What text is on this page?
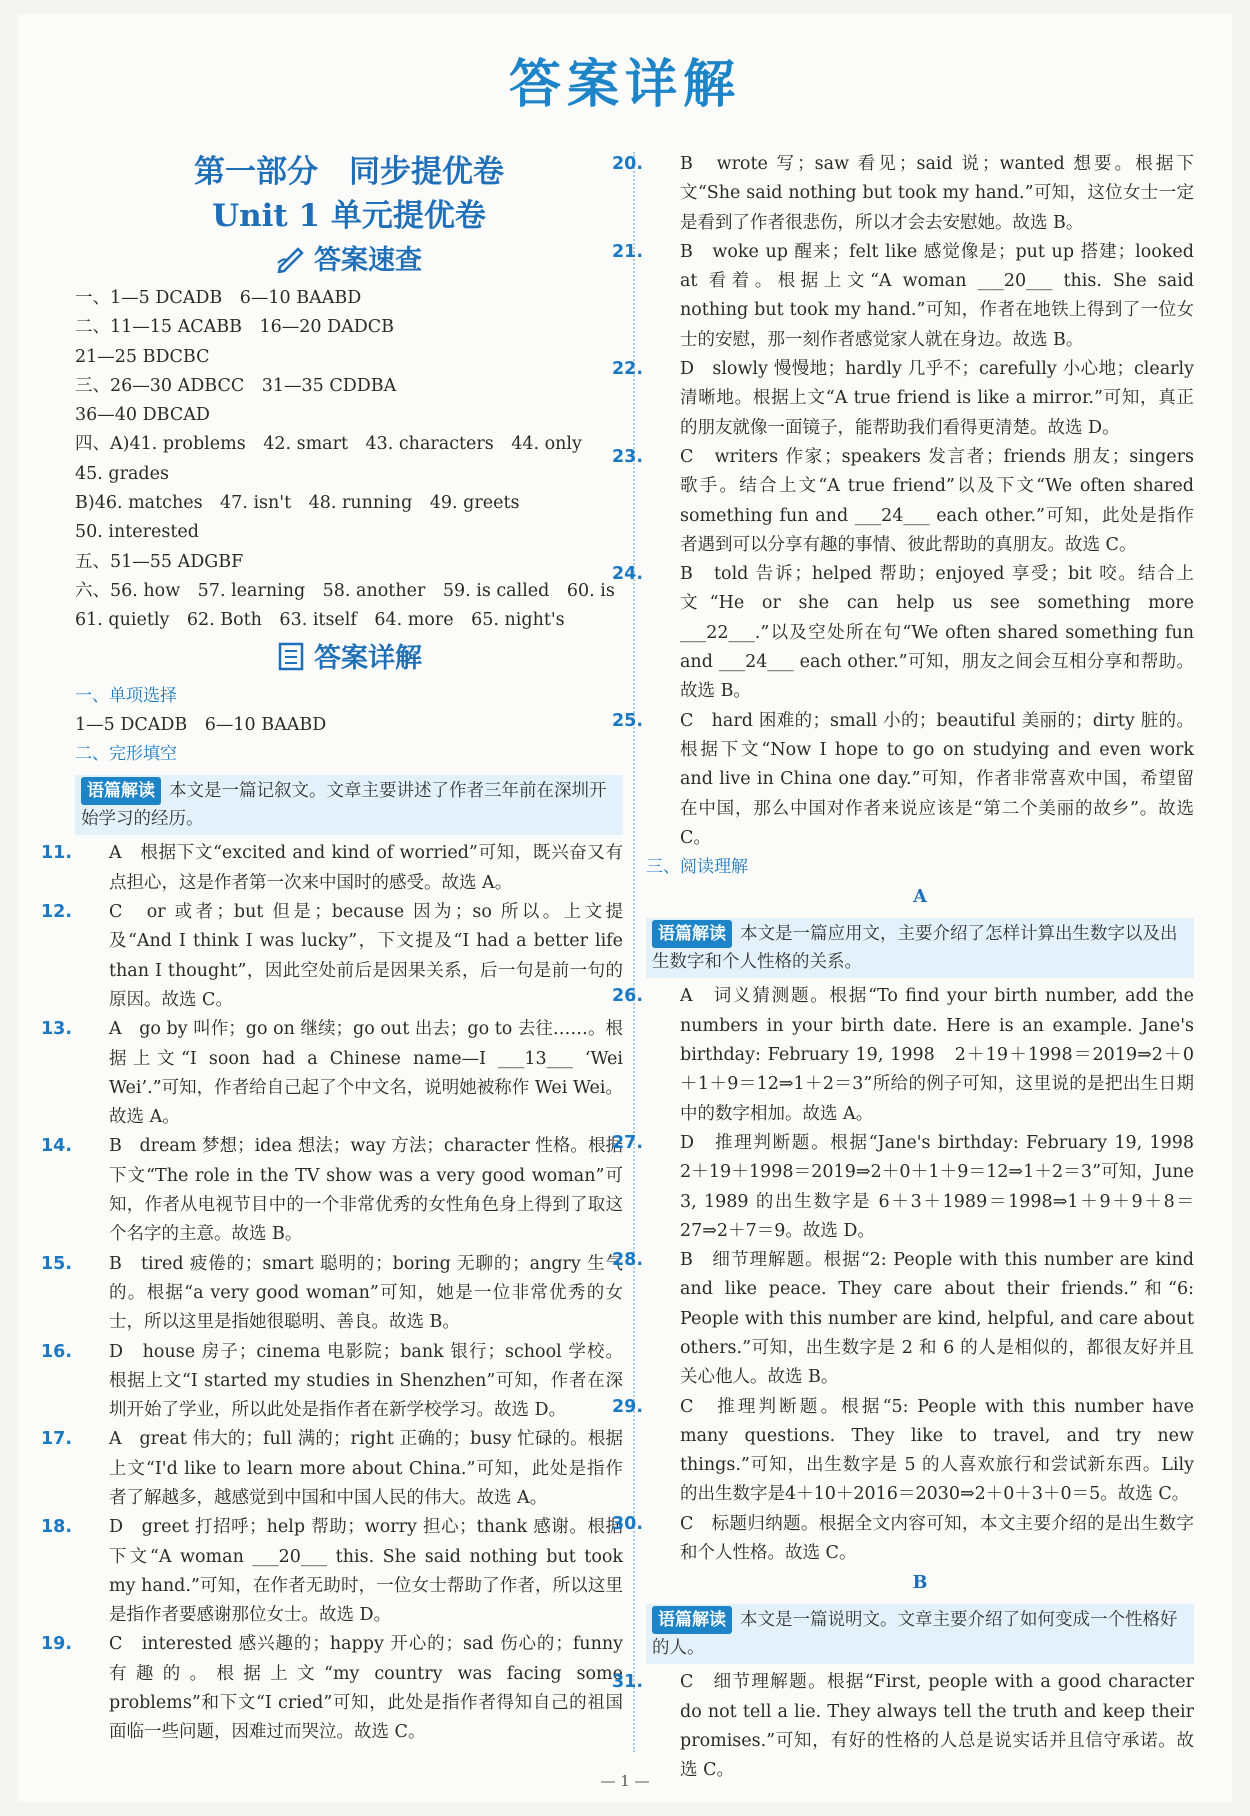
答案详解
第一部分　同步提优卷
Unit 1 单元提优卷
答案速查
一、1—5 DCADB　6—10 BAABD
二、11—15 ACABB　16—20 DADCB
21—25 BDCBC
三、26—30 ADBCC　31—35 CDDBA
36—40 DBCAD
四、A)41. problems　42. smart　43. characters　44. only
45. grades
B)46. matches　47. isn't　48. running　49. greets
50. interested
五、51—55 ADGBF
六、56. how　57. learning　58. another　59. is called　60. is
61. quietly　62. Both　63. itself　64. more　65. night's
答案详解
一、单项选择
1—5 DCADB　6—10 BAABD
二、完形填空
语篇解读 本文是一篇记叙文。文章主要讲述了作者三年前在深圳开始学习的经历。
11. A　根据下文“excited and kind of worried”可知，既兴奋又有点担心，这是作者第一次来中国时的感受。故选 A。
12. C　or 或者；but 但是；because 因为；so 所以。上文提及“And I think I was lucky”，下文提及“I had a better life than I thought”，因此空处前后是因果关系，后一句是前一句的原因。故选 C。
13. A　go by 叫作；go on 继续；go out 出去；go to 去往……。根据上文“I soon had a Chinese name—I ___13___ ‘Wei Wei’.”可知，作者给自己起了个中文名，说明她被称作 Wei Wei。故选 A。
14. B　dream 梦想；idea 想法；way 方法；character 性格。根据下文“The role in the TV show was a very good woman”可知，作者从电视节目中的一个非常优秀的女性角色身上得到了取这个名字的主意。故选 B。
15. B　tired 疲倦的；smart 聪明的；boring 无聊的；angry 生气的。根据“a very good woman”可知，她是一位非常优秀的女士，所以这里是指她很聪明、善良。故选 B。
16. D　house 房子；cinema 电影院；bank 银行；school 学校。根据上文“I started my studies in Shenzhen”可知，作者在深圳开始了学业，所以此处是指作者在新学校学习。故选 D。
17. A　great 伟大的；full 满的；right 正确的；busy 忙碌的。根据上文“I'd like to learn more about China.”可知，此处是指作者了解越多，越感觉到中国和中国人民的伟大。故选 A。
18. D　greet 打招呼；help 帮助；worry 担心；thank 感谢。根据下文“A woman ___20___ this. She said nothing but took my hand.”可知，在作者无助时，一位女士帮助了作者，所以这里是指作者要感谢那位女士。故选 D。
19. C　interested 感兴趣的；happy 开心的；sad 伤心的；funny 有趣的。根据上文“my country was facing some problems”和下文“I cried”可知，此处是指作者得知自己的祖国面临一些问题，因难过而哭泣。故选 C。
20. B　wrote 写；saw 看见；said 说；wanted 想要。根据下文“She said nothing but took my hand.”可知，这位女士一定是看到了作者很悲伤，所以才会去安慰她。故选 B。
21. B　woke up 醒来；felt like 感觉像是；put up 搭建；looked at 看着。根据上文“A woman ___20___ this. She said nothing but took my hand.”可知，作者在地铁上得到了一位女士的安慰，那一刻作者感觉家人就在身边。故选 B。
22. D　slowly 慢慢地；hardly 几乎不；carefully 小心地；clearly 清晰地。根据上文“A true friend is like a mirror.”可知，真正的朋友就像一面镜子，能帮助我们看得更清楚。故选 D。
23. C　writers 作家；speakers 发言者；friends 朋友；singers 歌手。结合上文“A true friend”以及下文“We often shared something fun and ___24___ each other.”可知，此处是指作者遇到可以分享有趣的事情、彼此帮助的真朋友。故选 C。
24. B　told 告诉；helped 帮助；enjoyed 享受；bit 咬。结合上文“He or she can help us see something more ___22___.”以及空处所在句“We often shared something fun and ___24___ each other.”可知，朋友之间会互相分享和帮助。故选 B。
25. C　hard 困难的；small 小的；beautiful 美丽的；dirty 脏的。根据下文“Now I hope to go on studying and even work and live in China one day.”可知，作者非常喜欢中国，希望留在中国，那么中国对作者来说应该是“第二个美丽的故乡”。故选 C。
三、阅读理解
A
语篇解读 本文是一篇应用文，主要介绍了怎样计算出生数字以及出生数字和个人性格的关系。
26. A　词义猜测题。根据“To find your birth number, add the numbers in your birth date. Here is an example. Jane's birthday: February 19, 1998　2＋19＋1998＝2019⇒2＋0＋1＋9＝12⇒1＋2＝3”所给的例子可知，这里说的是把出生日期中的数字相加。故选 A。
27. D　推理判断题。根据“Jane's birthday: February 19, 1998　2＋19＋1998＝2019⇒2＋0＋1＋9＝12⇒1＋2＝3”可知，June 3, 1989 的出生数字是 6＋3＋1989＝1998⇒1＋9＋9＋8＝27⇒2＋7＝9。故选 D。
28. B　细节理解题。根据“2: People with this number are kind and like peace. They care about their friends.”和“6: People with this number are kind, helpful, and care about others.”可知，出生数字是 2 和 6 的人是相似的，都很友好并且关心他人。故选 B。
29. C　推理判断题。根据“5: People with this number have many questions. They like to travel, and try new things.”可知，出生数字是 5 的人喜欢旅行和尝试新东西。Lily 的出生数字是4＋10＋2016＝2030⇒2＋0＋3＋0＝5。故选 C。
30. C　标题归纳题。根据全文内容可知，本文主要介绍的是出生数字和个人性格。故选 C。
B
语篇解读 本文是一篇说明文。文章主要介绍了如何变成一个性格好的人。
31. C　细节理解题。根据“First, people with a good character do not tell a lie. They always tell the truth and keep their promises.”可知，有好的性格的人总是说实话并且信守承诺。故选 C。
— 1 —
